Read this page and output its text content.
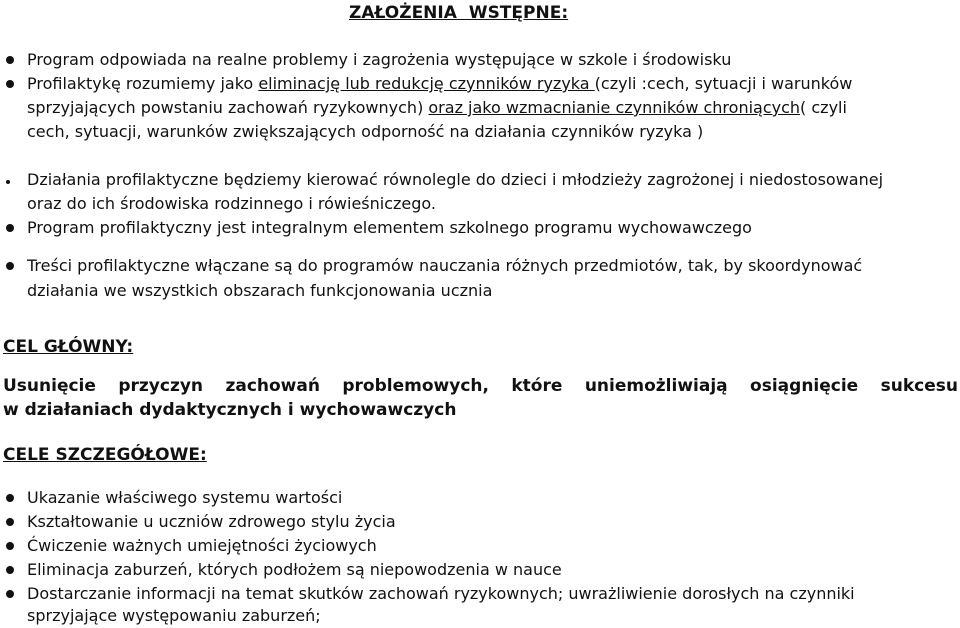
ZAŁOŻENIA WSTĘPNE:
Program odpowiada na realne problemy i zagrożenia występujące w szkole i środowisku
Profilaktykę rozumiemy jako eliminację lub redukcję czynników ryzyka (czyli :cech, sytuacji i warunków
sprzyjających powstaniu zachowań ryzykownych) oraz jako wzmacnianie czynników chroniących( czyli
cech, sytuacji, warunków zwiększających odporność na działania czynników ryzyka )
Działania profilaktyczne będziemy kierować równolegle do dzieci i młodzieży zagrożonej i niedostosowanej
oraz do ich środowiska rodzinnego i rówieśniczego.
Program profilaktyczny jest integralnym elementem szkolnego programu wychowawczego
Treści profilaktyczne włączane są do programów nauczania różnych przedmiotów, tak, by skoordynować
działania we wszystkich obszarach funkcjonowania ucznia
CEL GŁÓWNY:
Usunięcie przyczyn zachowań problemowych, które uniemożliwiają osiągnięcie sukcesu
w działaniach dydaktycznych i wychowawczych
CELE SZCZEGÓŁOWE:
Ukazanie właściwego systemu wartości
Kształtowanie u uczniów zdrowego stylu życia
Ćwiczenie ważnych umiejętności życiowych
Eliminacja zaburzeń, których podłożem są niepowodzenia w nauce
Dostarczanie informacji na temat skutków zachowań ryzykownych; uwrażliwienie dorosłych na czynniki
sprzyjające występowaniu zaburzeń;
